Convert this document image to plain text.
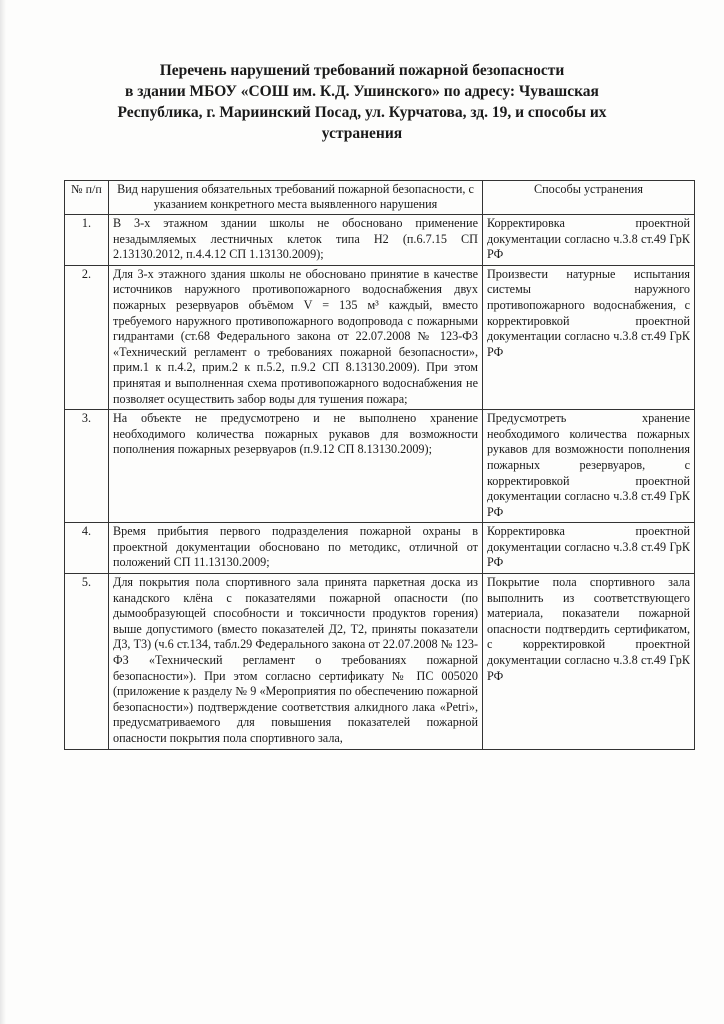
Перечень нарушений требований пожарной безопасности
в здании МБОУ «СОШ им. К.Д. Ушинского» по адресу: Чувашская
Республика, г. Мариинский Посад, ул. Курчатова, зд. 19, и способы их
устранения
№ п/п	Вид нарушения обязательных требований пожарной безопасности, с указанием конкретного места выявленного нарушения	Способы устранения
1.	В 3-х этажном здании школы не обосновано применение незадымляемых лестничных клеток типа Н2 (п.6.7.15 СП 2.13130.2012, п.4.4.12 СП 1.13130.2009);	Корректировка проектной документации согласно ч.3.8 ст.49 ГрК РФ
2.	Для 3-х этажного здания школы не обосновано принятие в качестве источников наружного противопожарного водоснабжения двух пожарных резервуаров объёмом V = 135 м³ каждый, вместо требуемого наружного противопожарного водопровода с пожарными гидрантами (ст.68 Федерального закона от 22.07.2008 № 123-ФЗ «Технический регламент о требованиях пожарной безопасности», прим.1 к п.4.2, прим.2 к п.5.2, п.9.2 СП 8.13130.2009). При этом принятая и выполненная схема противопожарного водоснабжения не позволяет осуществить забор воды для тушения пожара;	Произвести натурные испытания системы наружного противопожарного водоснабжения, с корректировкой проектной документации согласно ч.3.8 ст.49 ГрК РФ
3.	На объекте не предусмотрено и не выполнено хранение необходимого количества пожарных рукавов для возможности пополнения пожарных резервуаров (п.9.12 СП 8.13130.2009);	Предусмотреть хранение необходимого количества пожарных рукавов для возможности пополнения пожарных резервуаров, с корректировкой проектной документации согласно ч.3.8 ст.49 ГрК РФ
4.	Время прибытия первого подразделения пожарной охраны в проектной документации обосновано по методикс, отличной от положений СП 11.13130.2009;	Корректировка проектной документации согласно ч.3.8 ст.49 ГрК РФ
5.	Для покрытия пола спортивного зала принята паркетная доска из канадского клёна с показателями пожарной опасности (по дымообразующей способности и токсичности продуктов горения) выше допустимого (вместо показателей Д2, Т2, приняты показатели Д3, Т3) (ч.6 ст.134, табл.29 Федерального закона от 22.07.2008 № 123-ФЗ «Технический регламент о требованиях пожарной безопасности»). При этом согласно сертификату № ПС 005020 (приложение к разделу № 9 «Мероприятия по обеспечению пожарной безопасности») подтверждение соответствия алкидного лака «Petri», предусматриваемого для повышения показателей пожарной опасности покрытия пола спортивного зала,	Покрытие пола спортивного зала выполнить из соответствующего материала, показатели пожарной опасности подтвердить сертификатом, с корректировкой проектной документации согласно ч.3.8 ст.49 ГрК РФ
